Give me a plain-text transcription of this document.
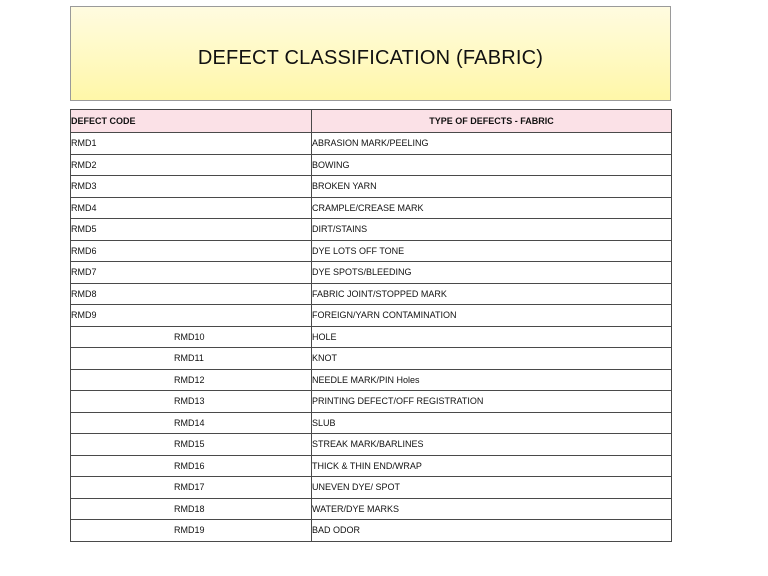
DEFECT CLASSIFICATION (FABRIC)
DEFECT CODE	TYPE OF DEFECTS - FABRIC
RMD1	ABRASION MARK/PEELING
RMD2	BOWING
RMD3	BROKEN YARN
RMD4	CRAMPLE/CREASE MARK
RMD5	DIRT/STAINS
RMD6	DYE LOTS OFF TONE
RMD7	DYE SPOTS/BLEEDING
RMD8	FABRIC JOINT/STOPPED MARK
RMD9	FOREIGN/YARN CONTAMINATION
RMD10	HOLE
RMD11	KNOT
RMD12	NEEDLE MARK/PIN Holes
RMD13	PRINTING DEFECT/OFF REGISTRATION
RMD14	SLUB
RMD15	STREAK MARK/BARLINES
RMD16	THICK & THIN END/WRAP
RMD17	UNEVEN DYE/ SPOT
RMD18	WATER/DYE MARKS
RMD19	BAD ODOR
